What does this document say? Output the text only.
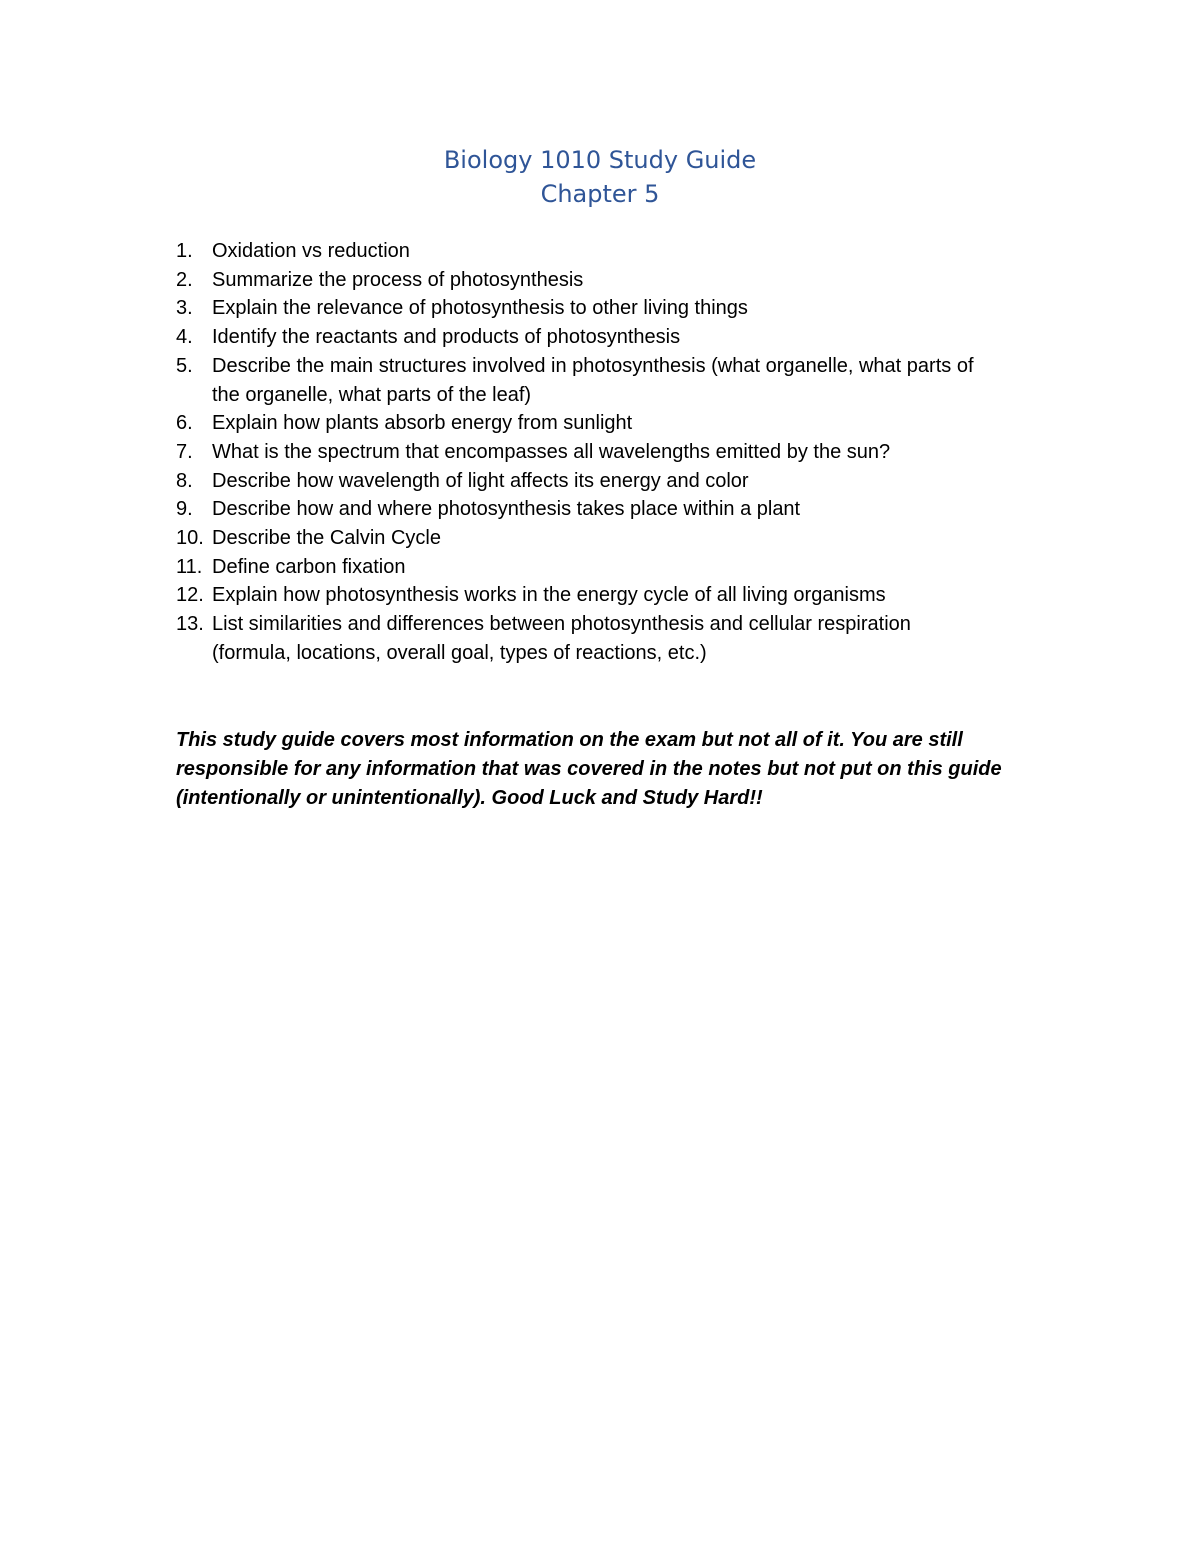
Biology 1010 Study Guide
Chapter 5
1. Oxidation vs reduction
2. Summarize the process of photosynthesis
3. Explain the relevance of photosynthesis to other living things
4. Identify the reactants and products of photosynthesis
5. Describe the main structures involved in photosynthesis (what organelle, what parts of
the organelle, what parts of the leaf)
6. Explain how plants absorb energy from sunlight
7. What is the spectrum that encompasses all wavelengths emitted by the sun?
8. Describe how wavelength of light affects its energy and color
9. Describe how and where photosynthesis takes place within a plant
10. Describe the Calvin Cycle
11. Define carbon fixation
12. Explain how photosynthesis works in the energy cycle of all living organisms
13. List similarities and differences between photosynthesis and cellular respiration
(formula, locations, overall goal, types of reactions, etc.)
This study guide covers most information on the exam but not all of it. You are still
responsible for any information that was covered in the notes but not put on this guide
(intentionally or unintentionally). Good Luck and Study Hard!!
